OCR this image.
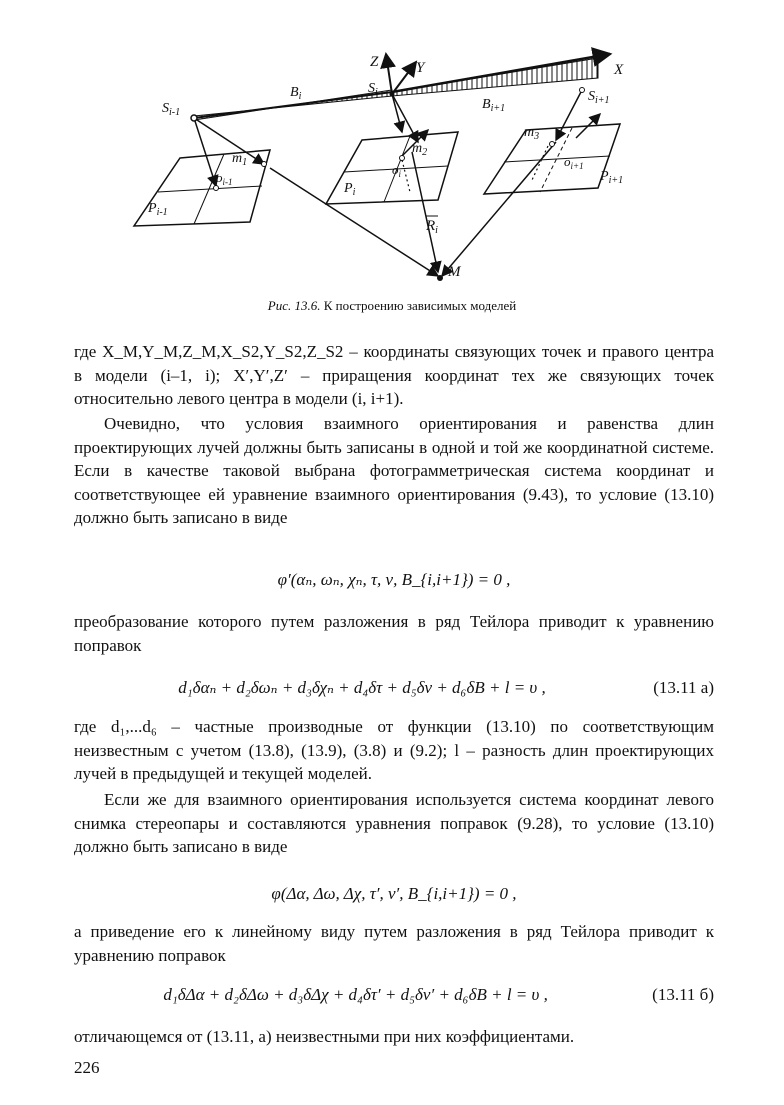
Z	Y	X
$S_{i-1}$
$S_i$	$S_{i+1}$
$B_i$
$B_{i+1}$
$m_1$
$m_2$
$m_3$
$o_{i-1}$
$o_i$
$o_{i+1}$
$P_{i-1}$
$P_i$
$P_{i+1}$
$R_i$
M
Рис. 13.6. К построению зависимых моделей
где X_M,Y_M,Z_M,X_S2,Y_S2,Z_S2 – координаты связующих точек и правого центра в модели (i–1, i); X′,Y′,Z′ – приращения координат тех же связующих точек относительно левого центра в модели (i, i+1).
Очевидно, что условия взаимного ориентирования и равенства длин проектирующих лучей должны быть записаны в одной и той же координатной системе. Если в качестве таковой выбрана фотограмметрическая система координат и соответствующее ей уравнение взаимного ориентирования (9.43), то условие (13.10) должно быть записано в виде
φ′(αₙ, ωₙ, χₙ, τ, ν, B_{i,i+1}) = 0 ,
преобразование которого путем разложения в ряд Тейлора приводит к уравнению поправок
d₁δαₙ + d₂δωₙ + d₃δχₙ + d₄δτ + d₅δν + d₆δB + l = υ ,	(13.11 а)
где d₁,...d₆ – частные производные от функции (13.10) по соответствующим неизвестным с учетом (13.8), (13.9), (3.8) и (9.2); l – разность длин проектирующих лучей в предыдущей и текущей моделей.
Если же для взаимного ориентирования используется система координат левого снимка стереопары и составляются уравнения поправок (9.28), то условие (13.10) должно быть записано в виде
φ(Δα, Δω, Δχ, τ′, ν′, B_{i,i+1}) = 0 ,
а приведение его к линейному виду путем разложения в ряд Тейлора приводит к уравнению поправок
d₁δΔα + d₂δΔω + d₃δΔχ + d₄δτ′ + d₅δν′ + d₆δB + l = υ ,	(13.11 б)
отличающемся от (13.11, а) неизвестными при них коэффициентами.
226
